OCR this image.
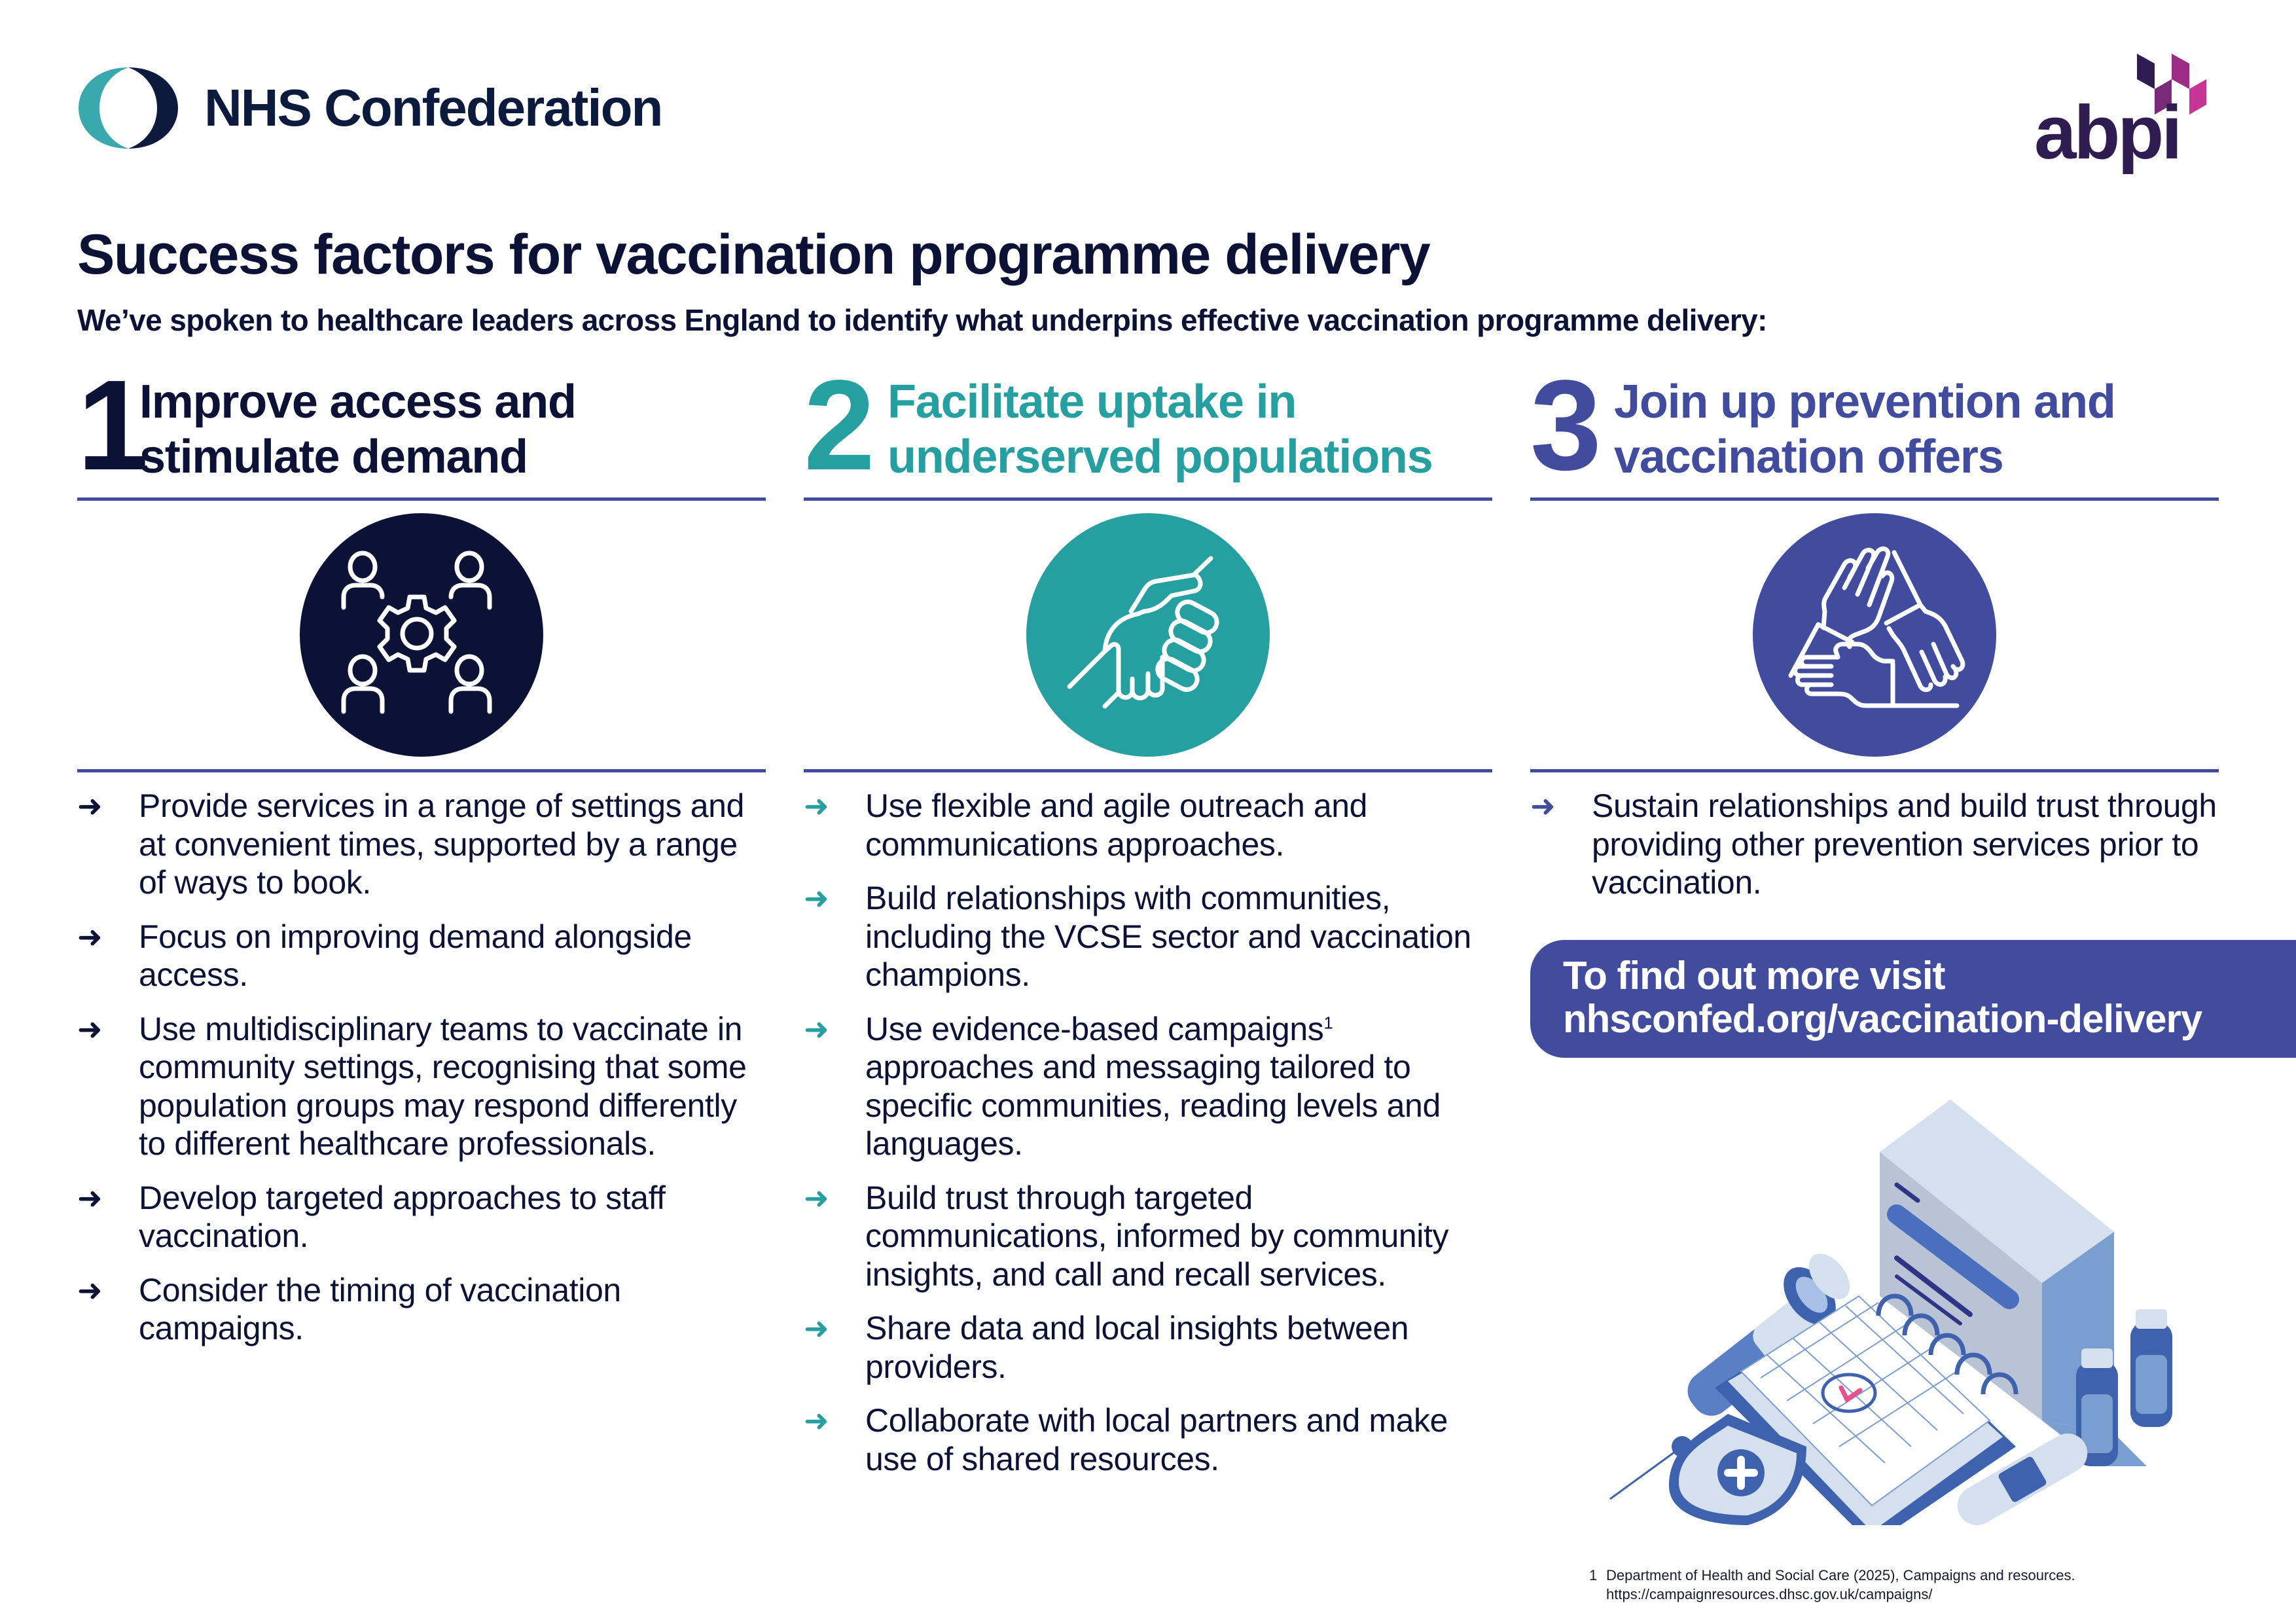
NHS Confederation	abpi
Success factors for vaccination programme delivery
We’ve spoken to healthcare leaders across England to identify what underpins effective vaccination programme delivery:
1
Improve access and
stimulate demand
➜	Provide services in a range of settings and at convenient times, supported by a range of ways to book.
➜	Focus on improving demand alongside access.
➜	Use multidisciplinary teams to vaccinate in community settings, recognising that some population groups may respond differently to different healthcare professionals.
➜	Develop targeted approaches to staff vaccination.
➜	Consider the timing of vaccination campaigns.
2 Facilitate uptake in
underserved populations
➜	Use flexible and agile outreach and communications approaches.
➜	Build relationships with communities, including the VCSE sector and vaccination champions.
➜	Use evidence-based campaigns$^1$ approaches and messaging tailored to specific communities, reading levels and languages.
➜	Build trust through targeted communications, informed by community insights, and call and recall services.
➜	Share data and local insights between providers.
➜	Collaborate with local partners and make use of shared resources.
3 Join up prevention and
vaccination offers
➜	Sustain relationships and build trust through providing other prevention services prior to vaccination.
To find out more visit
nhsconfed.org/vaccination-delivery
1 Department of Health and Social Care (2025), Campaigns and resources.
https://campaignresources.dhsc.gov.uk/campaigns/
